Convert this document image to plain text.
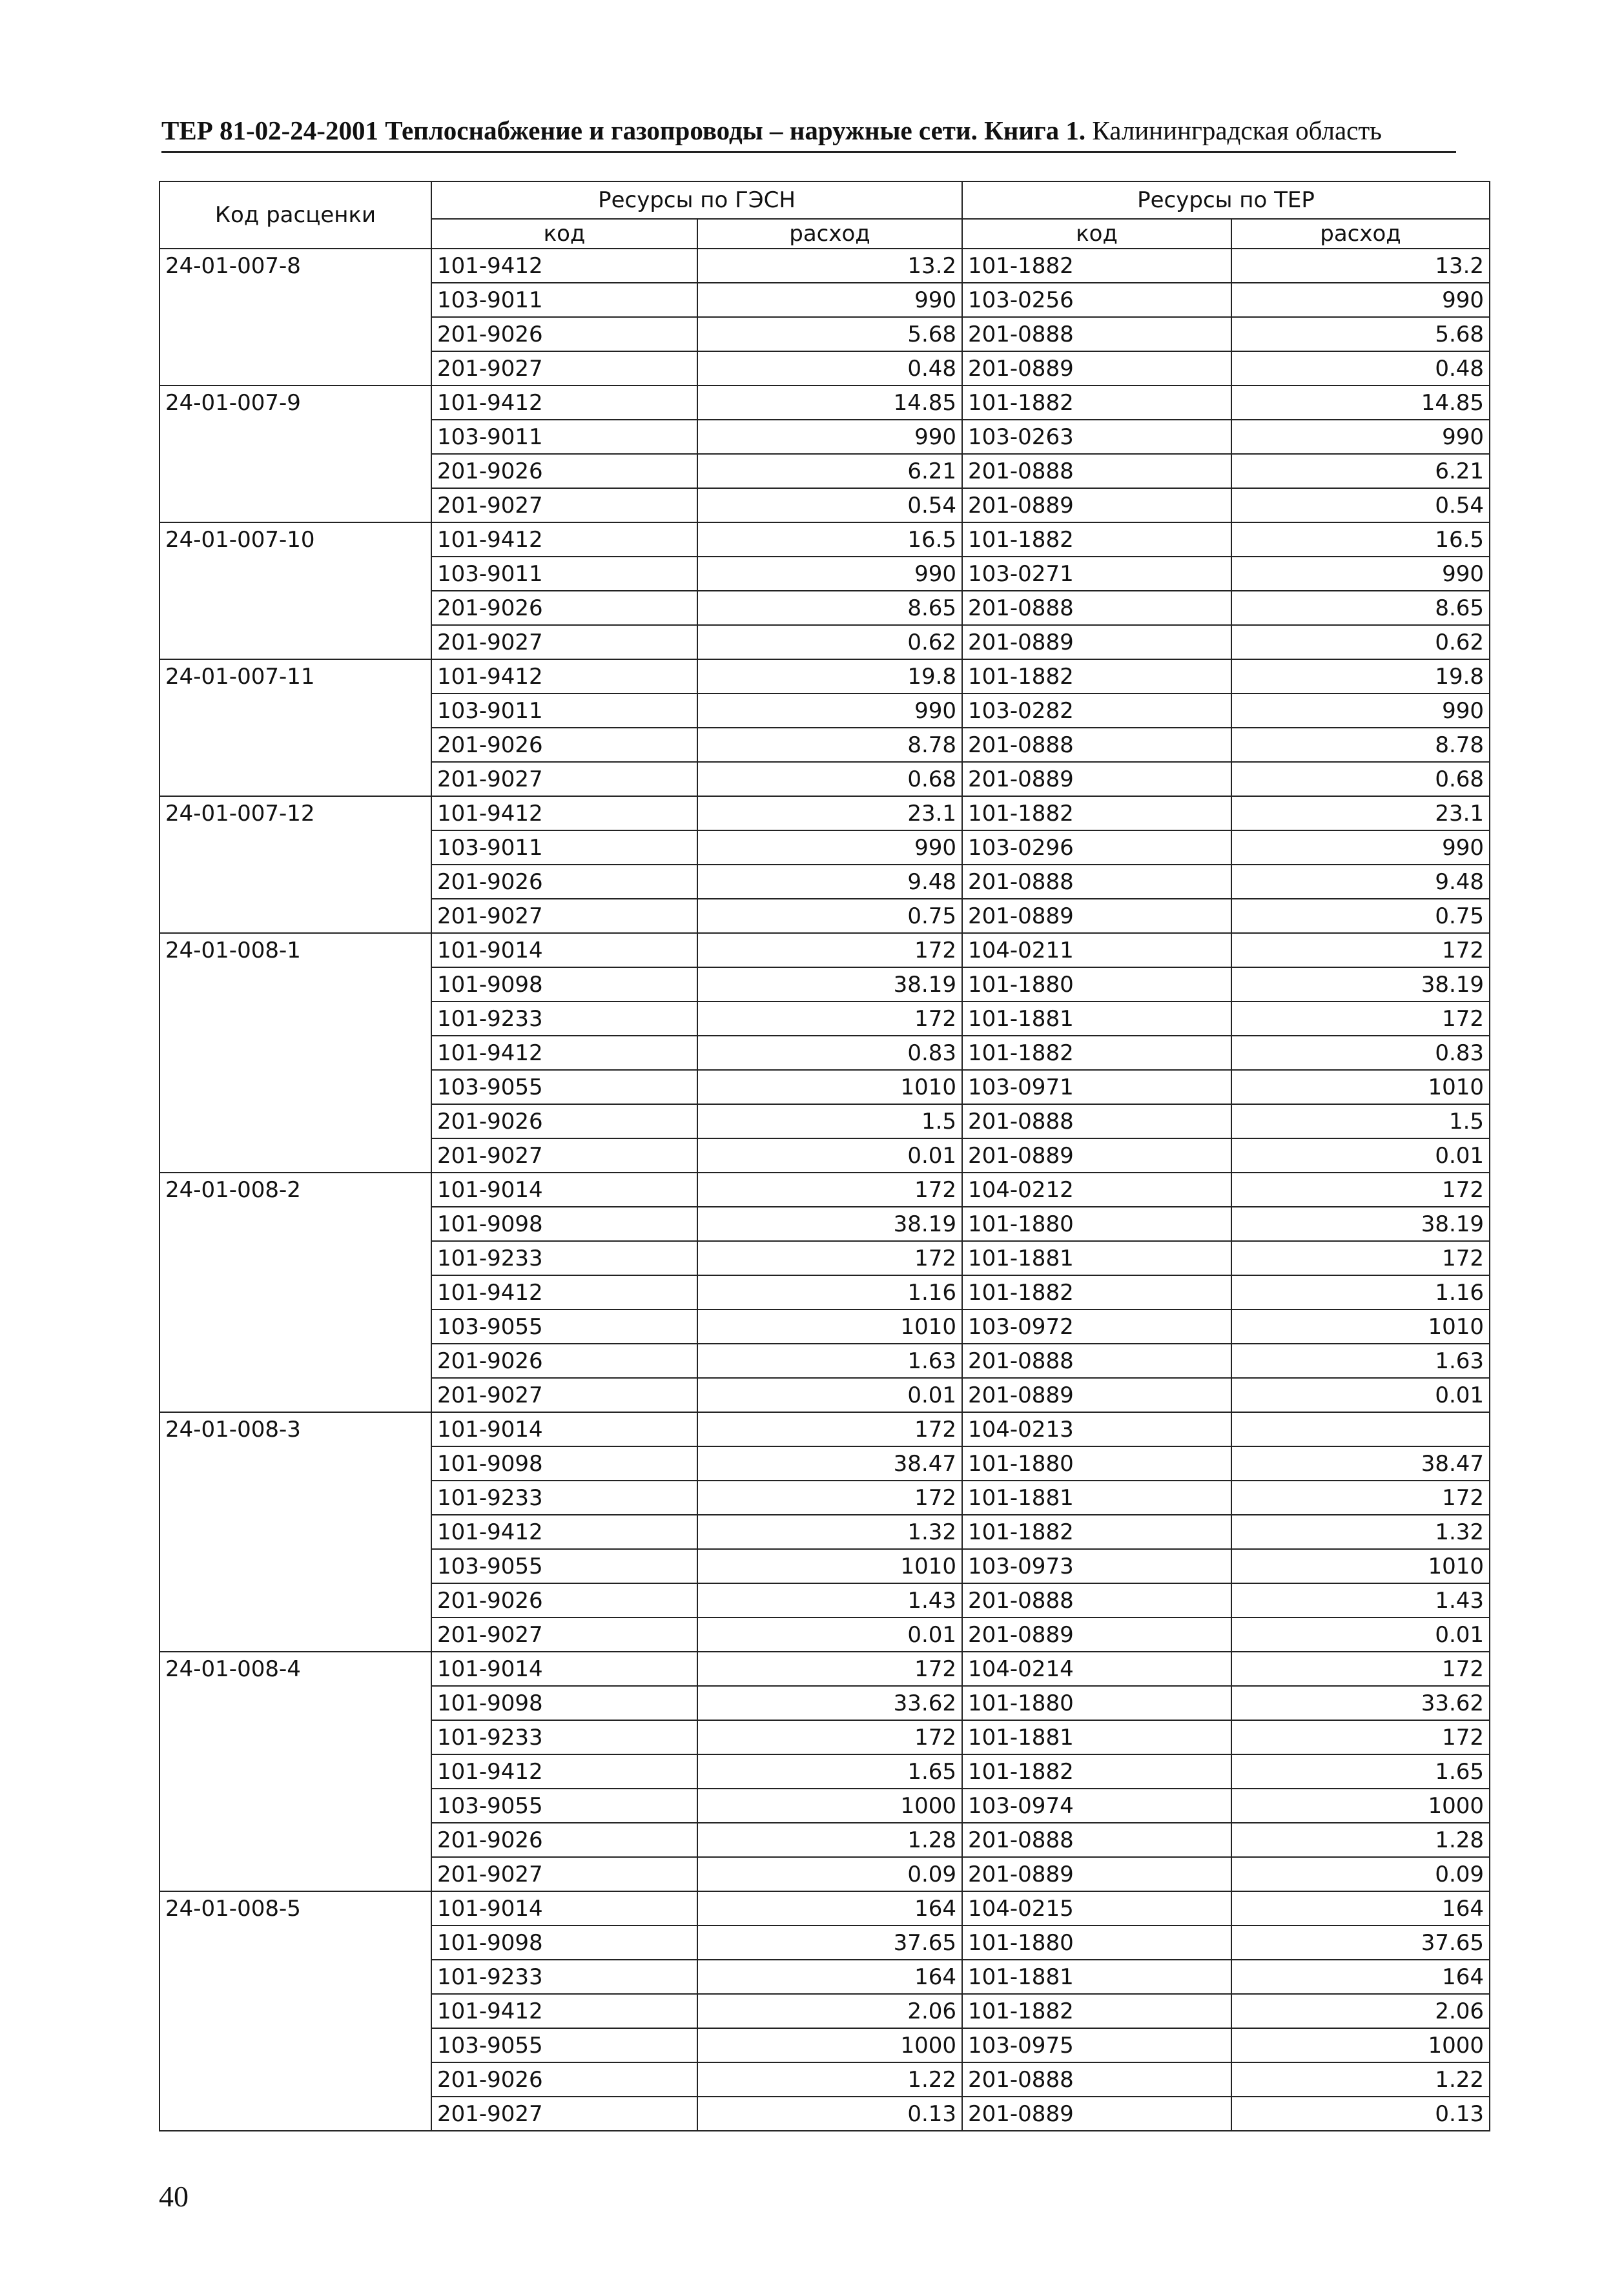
ТЕР 81-02-24-2001 Теплоснабжение и газопроводы – наружные сети. Книга 1. Калининградская область
Код расценки	Ресурсы по ГЭСН		Ресурсы по ТЕР	
	код	расход	код	расход
24-01-007-8	101-9412	13.2	101-1882	13.2
	103-9011	990	103-0256	990
	201-9026	5.68	201-0888	5.68
	201-9027	0.48	201-0889	0.48
24-01-007-9	101-9412	14.85	101-1882	14.85
	103-9011	990	103-0263	990
	201-9026	6.21	201-0888	6.21
	201-9027	0.54	201-0889	0.54
24-01-007-10	101-9412	16.5	101-1882	16.5
	103-9011	990	103-0271	990
	201-9026	8.65	201-0888	8.65
	201-9027	0.62	201-0889	0.62
24-01-007-11	101-9412	19.8	101-1882	19.8
	103-9011	990	103-0282	990
	201-9026	8.78	201-0888	8.78
	201-9027	0.68	201-0889	0.68
24-01-007-12	101-9412	23.1	101-1882	23.1
	103-9011	990	103-0296	990
	201-9026	9.48	201-0888	9.48
	201-9027	0.75	201-0889	0.75
24-01-008-1	101-9014	172	104-0211	172
	101-9098	38.19	101-1880	38.19
	101-9233	172	101-1881	172
	101-9412	0.83	101-1882	0.83
	103-9055	1010	103-0971	1010
	201-9026	1.5	201-0888	1.5
	201-9027	0.01	201-0889	0.01
24-01-008-2	101-9014	172	104-0212	172
	101-9098	38.19	101-1880	38.19
	101-9233	172	101-1881	172
	101-9412	1.16	101-1882	1.16
	103-9055	1010	103-0972	1010
	201-9026	1.63	201-0888	1.63
	201-9027	0.01	201-0889	0.01
24-01-008-3	101-9014	172	104-0213	
	101-9098	38.47	101-1880	38.47
	101-9233	172	101-1881	172
	101-9412	1.32	101-1882	1.32
	103-9055	1010	103-0973	1010
	201-9026	1.43	201-0888	1.43
	201-9027	0.01	201-0889	0.01
24-01-008-4	101-9014	172	104-0214	172
	101-9098	33.62	101-1880	33.62
	101-9233	172	101-1881	172
	101-9412	1.65	101-1882	1.65
	103-9055	1000	103-0974	1000
	201-9026	1.28	201-0888	1.28
	201-9027	0.09	201-0889	0.09
24-01-008-5	101-9014	164	104-0215	164
	101-9098	37.65	101-1880	37.65
	101-9233	164	101-1881	164
	101-9412	2.06	101-1882	2.06
	103-9055	1000	103-0975	1000
	201-9026	1.22	201-0888	1.22
	201-9027	0.13	201-0889	0.13
40
